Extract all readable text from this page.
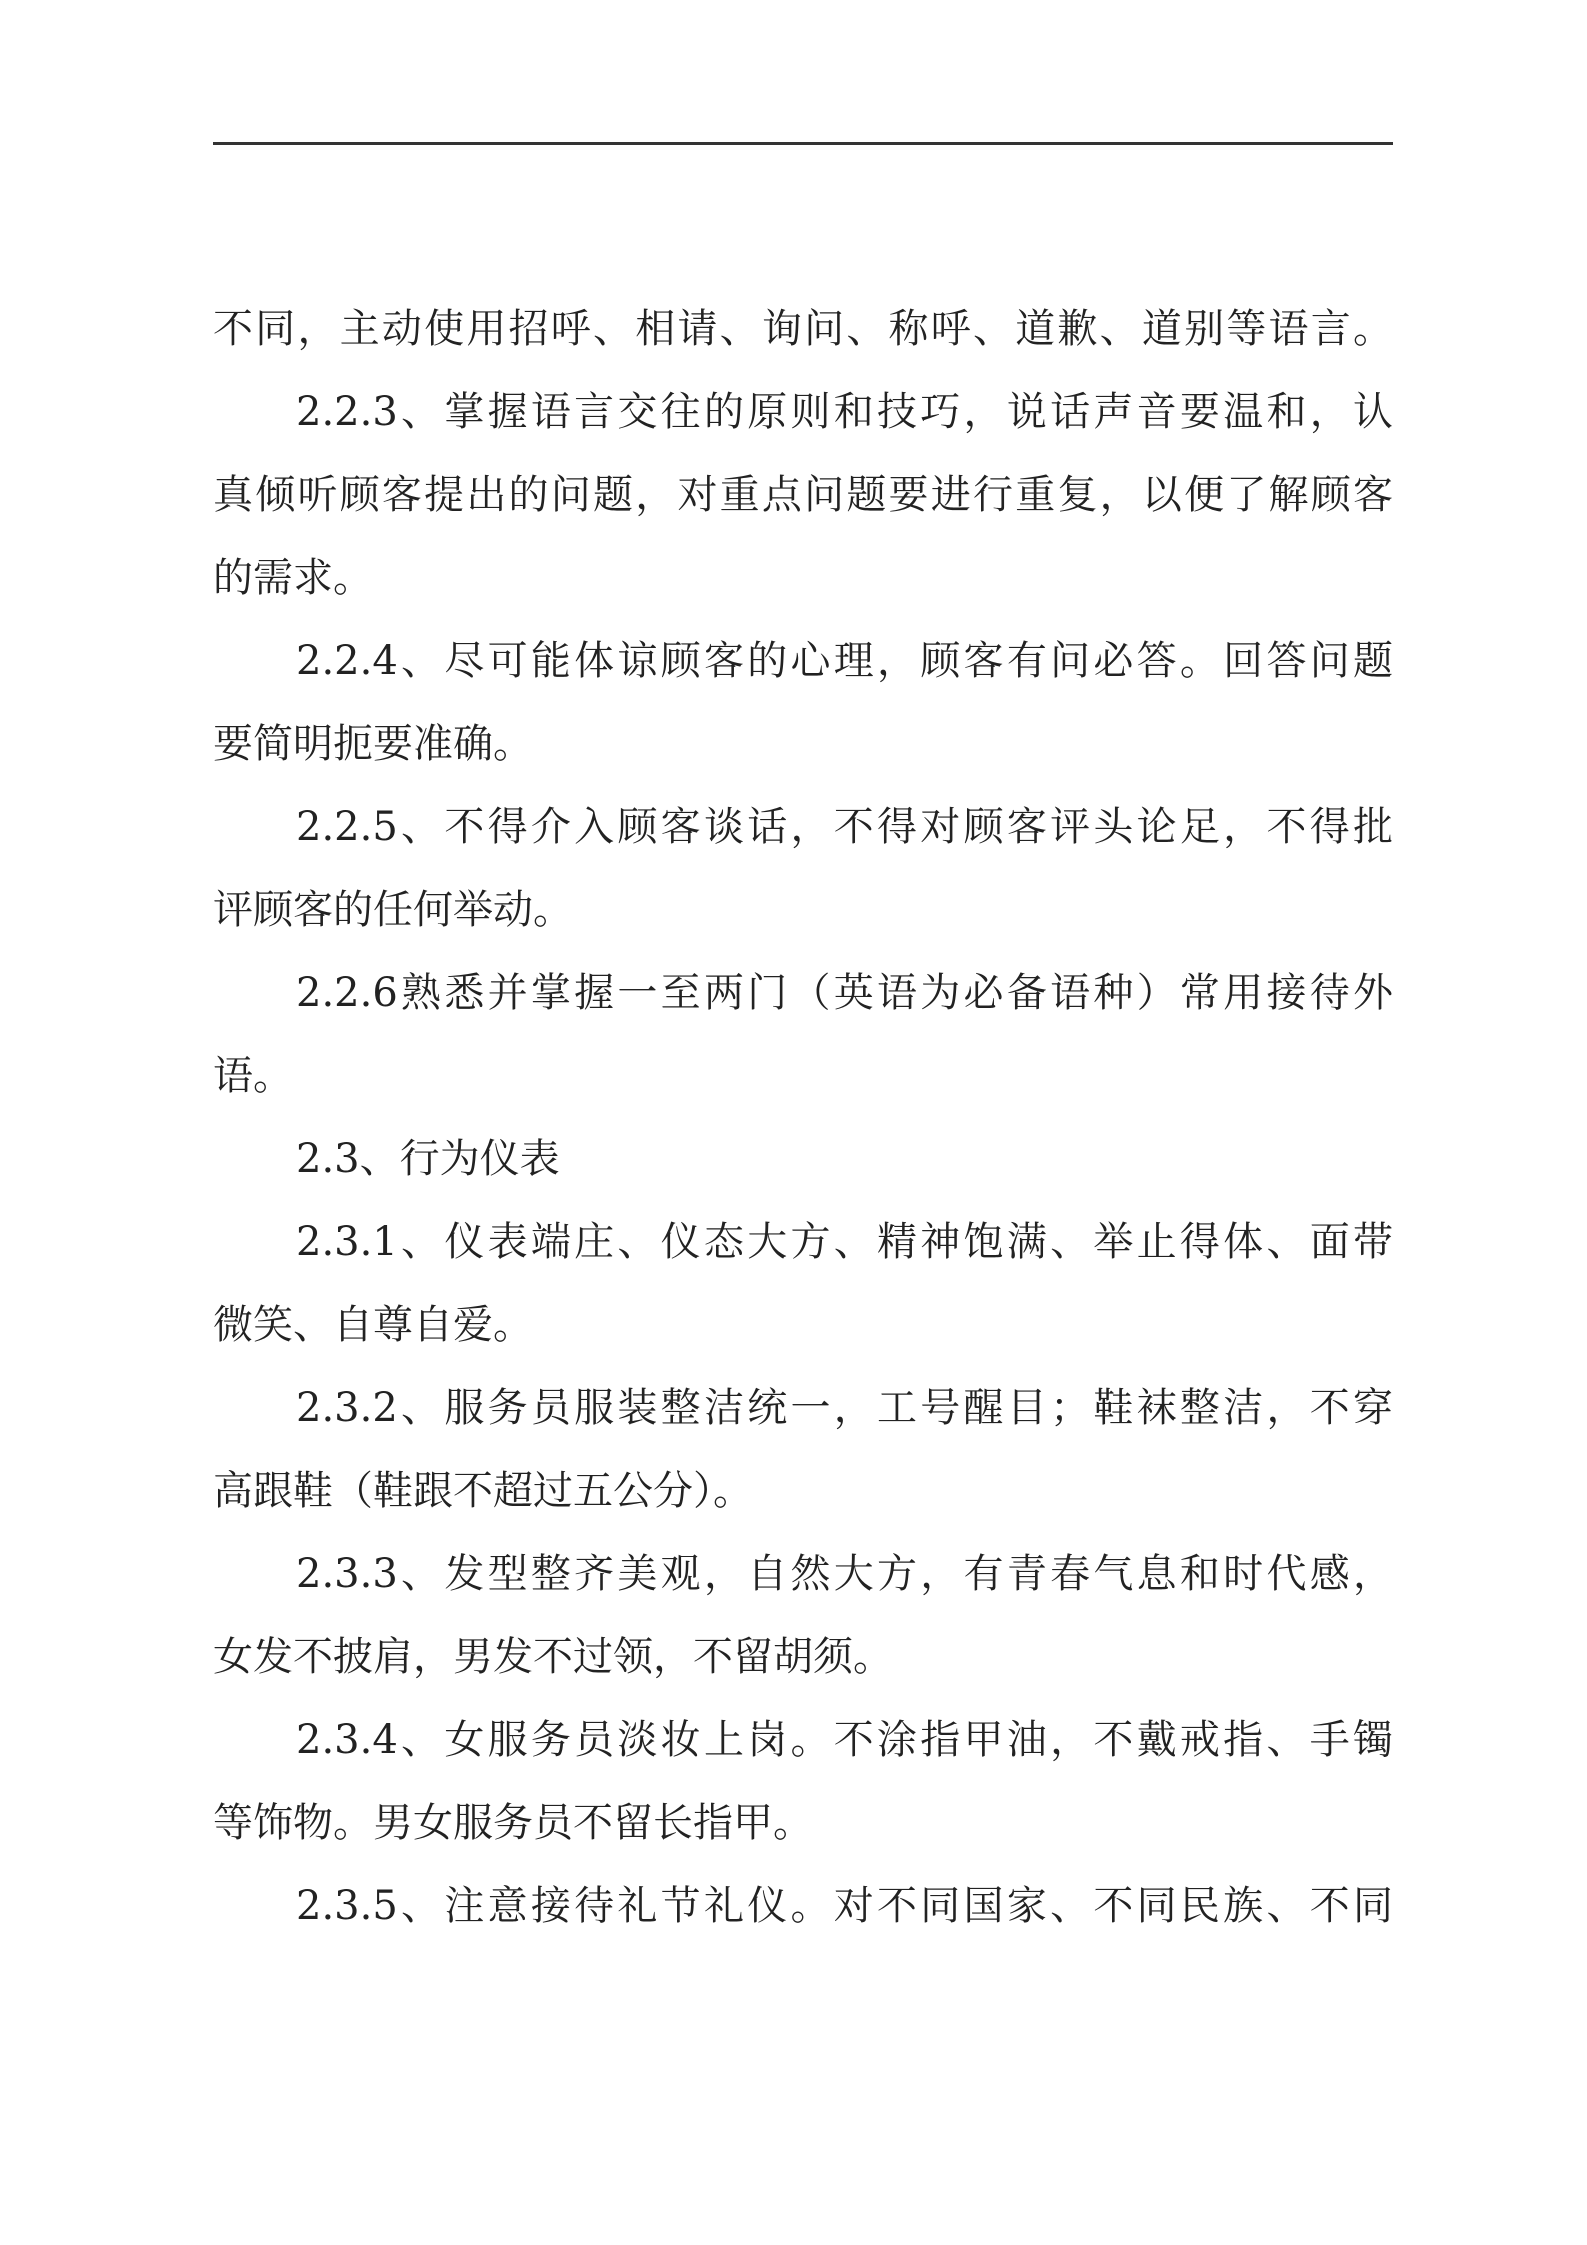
不同，主动使用招呼、相请、询问、称呼、道歉、道别等语言。
2.2.3、掌握语言交往的原则和技巧，说话声音要温和，认
真倾听顾客提出的问题，对重点问题要进行重复，以便了解顾客
的需求。
2.2.4、尽可能体谅顾客的心理，顾客有问必答。回答问题
要简明扼要准确。
2.2.5、不得介入顾客谈话，不得对顾客评头论足，不得批
评顾客的任何举动。
2.2.6熟悉并掌握一至两门（英语为必备语种）常用接待外
语。
2.3、行为仪表
2.3.1、仪表端庄、仪态大方、精神饱满、举止得体、面带
微笑、自尊自爱。
2.3.2、服务员服装整洁统一，工号醒目；鞋袜整洁，不穿
高跟鞋（鞋跟不超过五公分）。
2.3.3、发型整齐美观，自然大方，有青春气息和时代感，
女发不披肩，男发不过领，不留胡须。
2.3.4、女服务员淡妆上岗。不涂指甲油，不戴戒指、手镯
等饰物。男女服务员不留长指甲。
2.3.5、注意接待礼节礼仪。对不同国家、不同民族、不同
